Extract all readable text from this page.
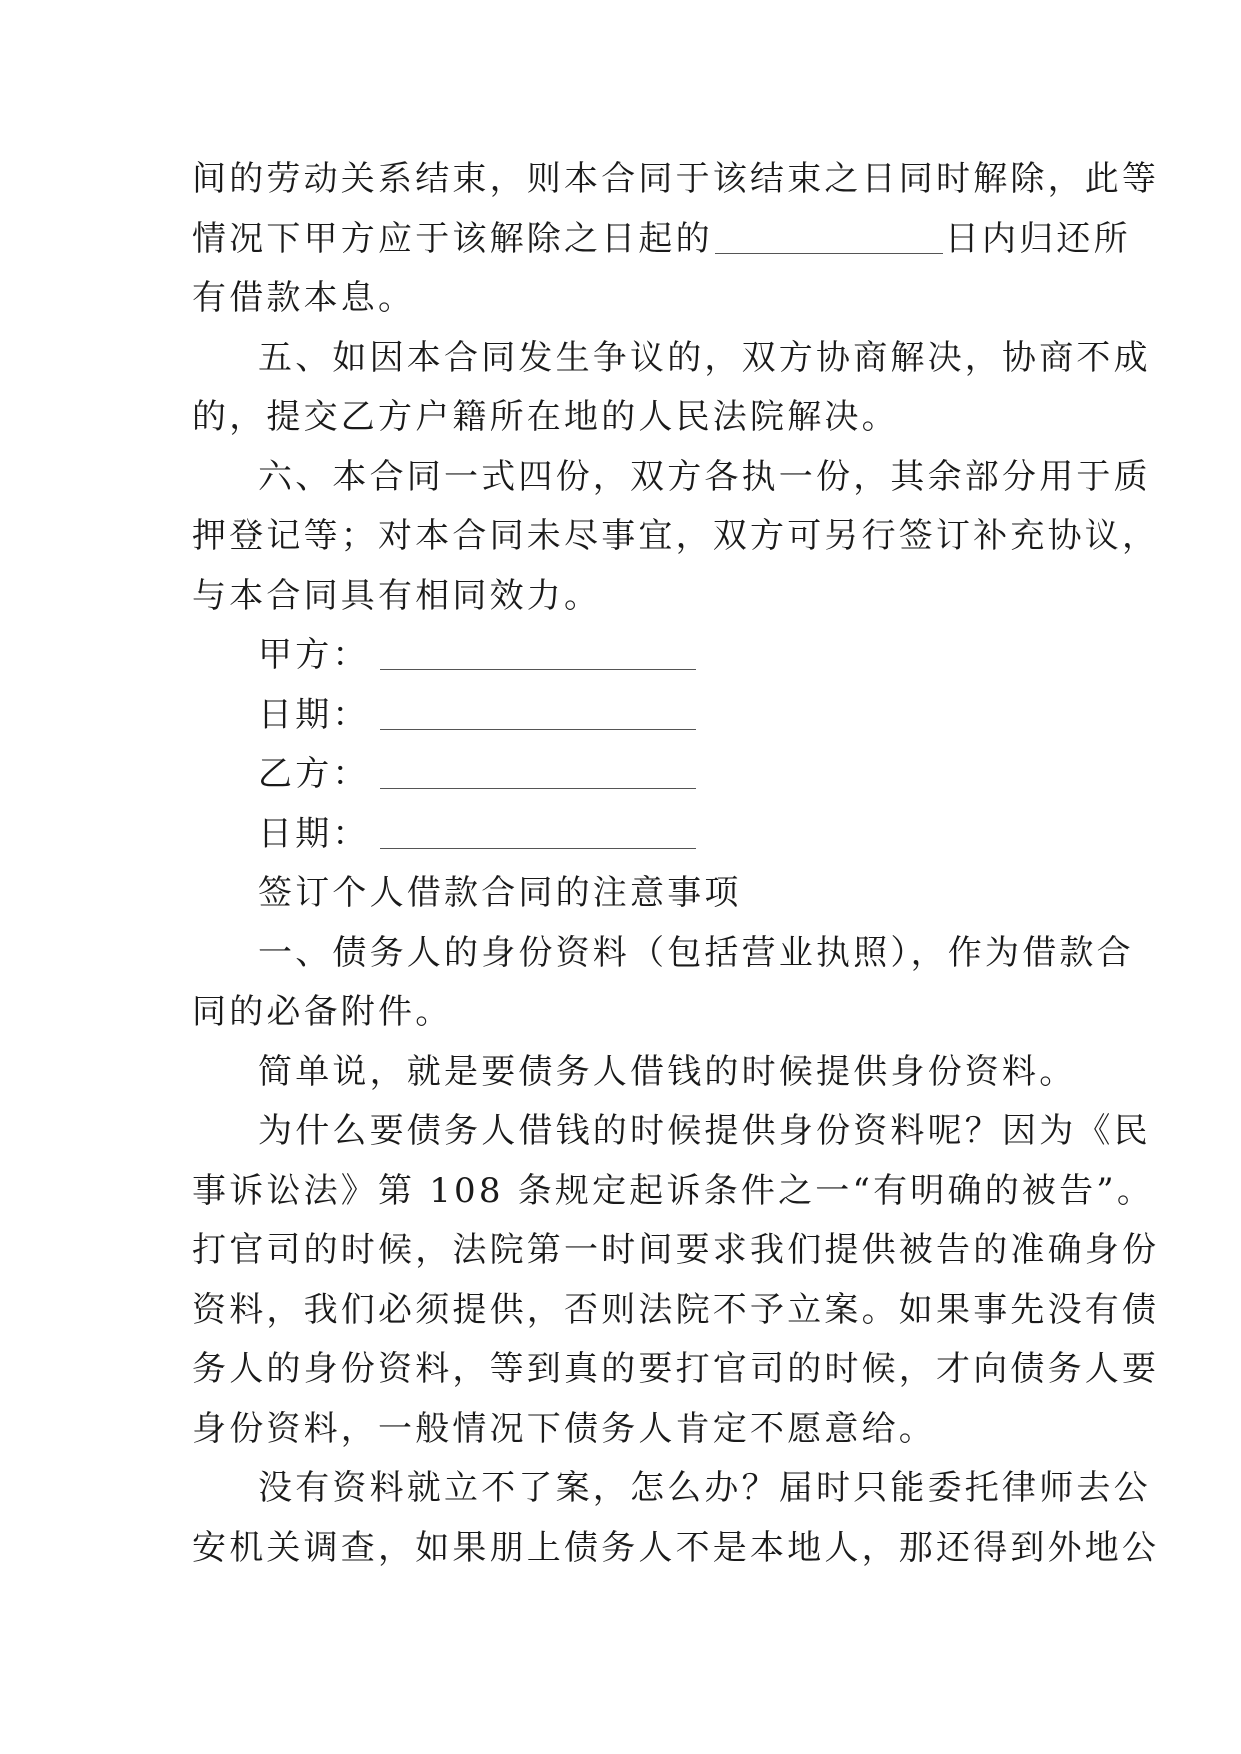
间的劳动关系结束，则本合同于该结束之日同时解除，此等
情况下甲方应于该解除之日起的	日内归还所
有借款本息。
五、如因本合同发生争议的，双方协商解决，协商不成
的，提交乙方户籍所在地的人民法院解决。
六、本合同一式四份，双方各执一份，其余部分用于质
押登记等；对本合同未尽事宜，双方可另行签订补充协议，
与本合同具有相同效力。
甲方：
日期：
乙方：
日期：
签订个人借款合同的注意事项
一、债务人的身份资料（包括营业执照），作为借款合
同的必备附件。
简单说，就是要债务人借钱的时候提供身份资料。
为什么要债务人借钱的时候提供身份资料呢？因为《民
事诉讼法》第 108 条规定起诉条件之一“有明确的被告”。
打官司的时候，法院第一时间要求我们提供被告的准确身份
资料，我们必须提供，否则法院不予立案。如果事先没有债
务人的身份资料，等到真的要打官司的时候，才向债务人要
身份资料，一般情况下债务人肯定不愿意给。
没有资料就立不了案，怎么办？届时只能委托律师去公
安机关调查，如果朋上债务人不是本地人，那还得到外地公
